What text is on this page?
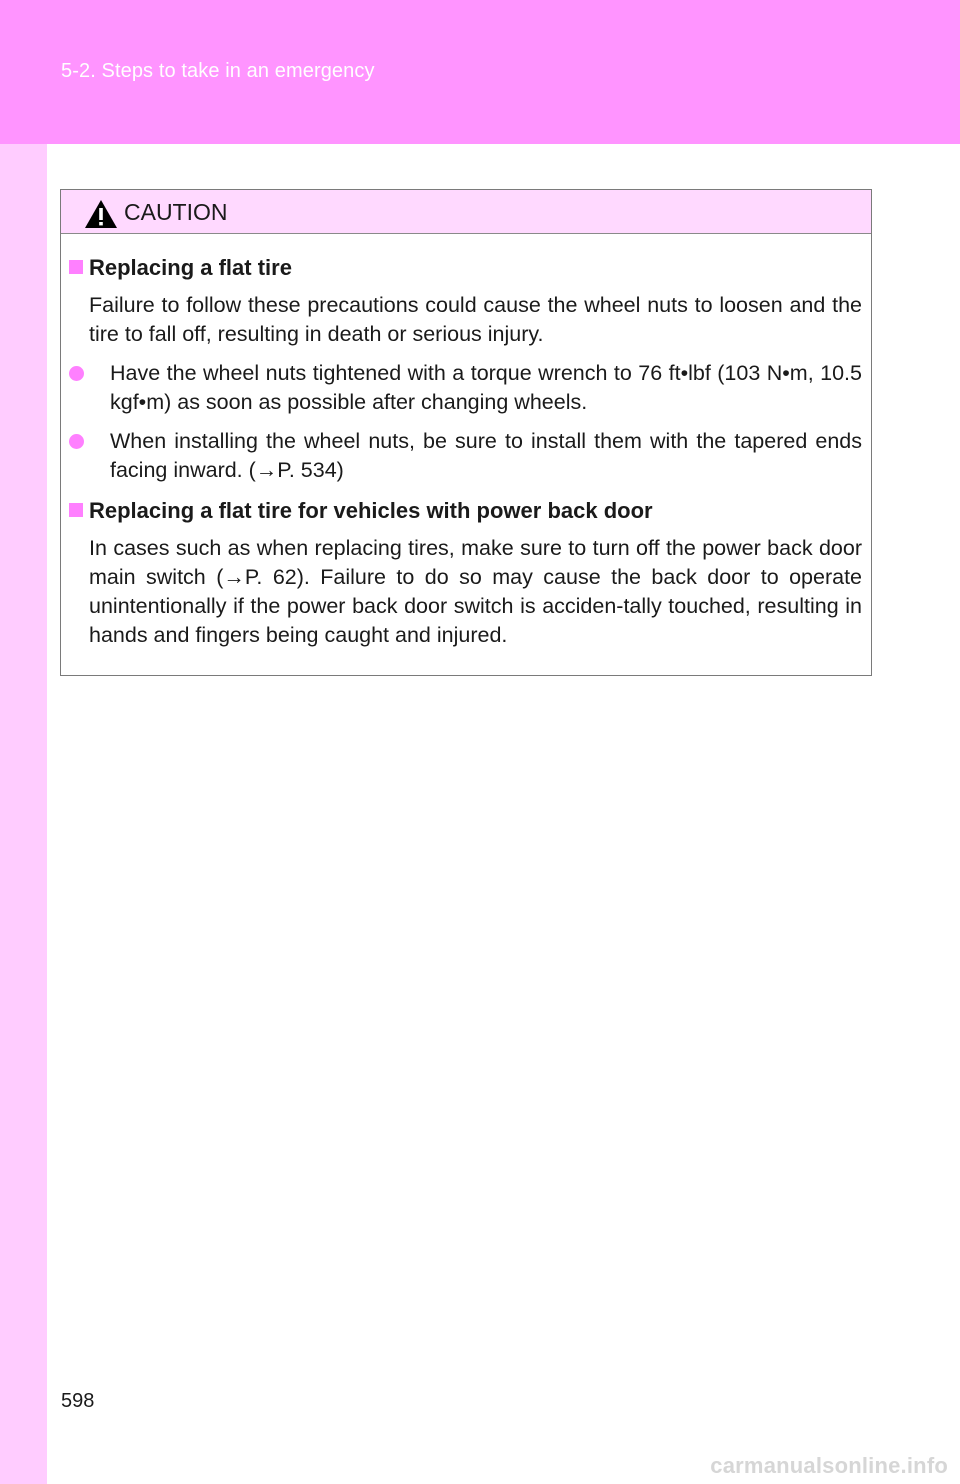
5-2. Steps to take in an emergency
CAUTION
Replacing a flat tire
Failure to follow these precautions could cause the wheel nuts to loosen and the tire to fall off, resulting in death or serious injury.
Have the wheel nuts tightened with a torque wrench to 76 ft•lbf (103 N•m, 10.5 kgf•m) as soon as possible after changing wheels.
When installing the wheel nuts, be sure to install them with the tapered ends facing inward. (→P. 534)
Replacing a flat tire for vehicles with power back door
In cases such as when replacing tires, make sure to turn off the power back door main switch (→P. 62). Failure to do so may cause the back door to operate unintentionally if the power back door switch is acciden-tally touched, resulting in hands and fingers being caught and injured.
598
carmanualsonline.info
